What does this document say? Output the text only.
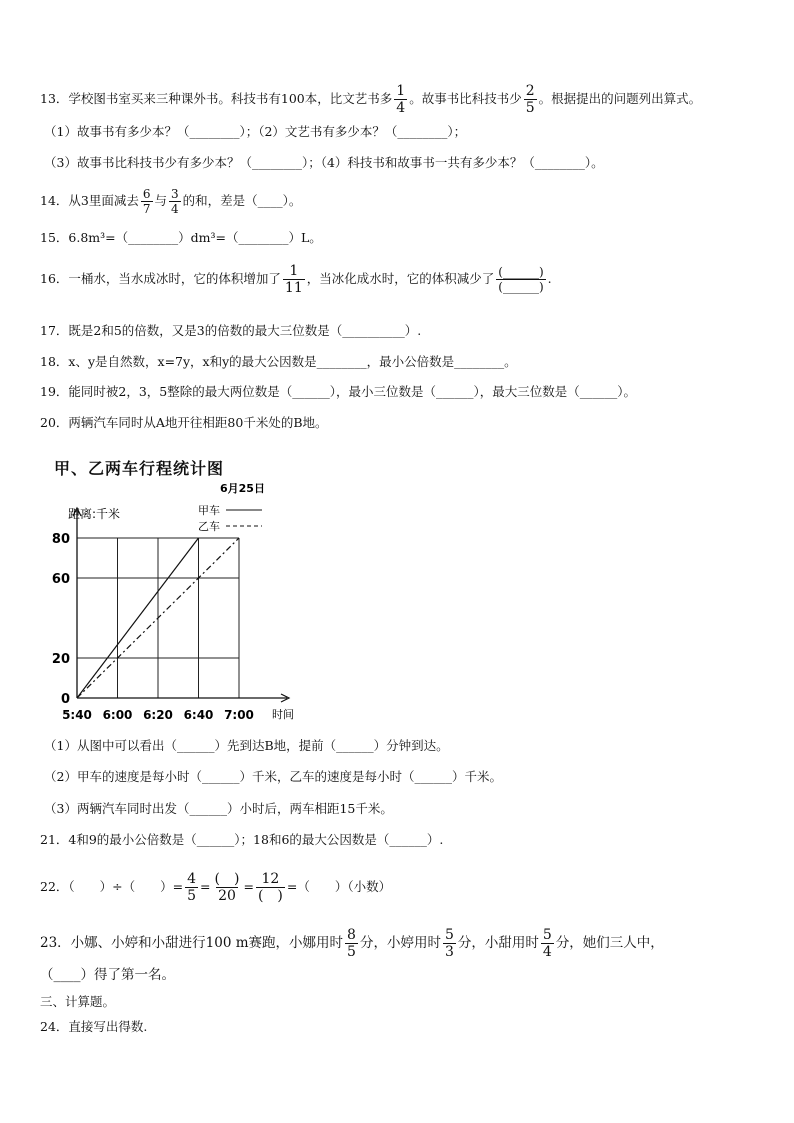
13．学校图书室买来三种课外书。科技书有100本，比文艺书多 $\frac{1}{4}$ 。故事书比科技书少 $\frac{2}{5}$ 。根据提出的问题列出算式。
（1）故事书有多少本？（________）；（2）文艺书有多少本？（________）；
（3）故事书比科技书少有多少本？（________）；（4）科技书和故事书一共有多少本？（________）。
14．从3里面减去 $\frac{6}{7}$ 与 $\frac{3}{4}$ 的和，差是（____）。
15．6.8m³=（________）dm³=（________）L。
16．一桶水，当水成冰时，它的体积增加了 $\frac{1}{11}$ ，当冰化成水时，它的体积减少了 $\frac{(\_\_\_\_\_\_)}{(\_\_\_\_\_\_)}$ .
17．既是2和5的倍数，又是3的倍数的最大三位数是（__________）.
18．x、y是自然数，x=7y，x和y的最大公因数是________，最小公倍数是________。
19．能同时被2，3，5整除的最大两位数是（______），最小三位数是（______），最大三位数是（______）。
20．两辆汽车同时从A地开往相距80千米处的B地。
甲、乙两车行程统计图
0
20
60
80
5:40 6:00 6:20 6:40 7:00 时间
距离:千米
6月25日
甲车
乙车
（1）从图中可以看出（______）先到达B地，提前（______）分钟到达。
（2）甲车的速度是每小时（______）千米，乙车的速度是每小时（______）千米。
（3）两辆汽车同时出发（______）小时后，两车相距15千米。
21．4和9的最小公倍数是（______）；18和6的最大公因数是（______）.
22．（　　）÷（　　）= $\frac{4}{5} = \frac{( )}{20} = \frac{12}{( )}$ =（　　）（小数）
23．小娜、小婷和小甜进行100 m赛跑，小娜用时 $\frac{8}{5}$ 分，小婷用时 $\frac{5}{3}$ 分，小甜用时 $\frac{5}{4}$ 分，她们三人中，
（____）得了第一名。
三、计算题。
24．直接写出得数.
